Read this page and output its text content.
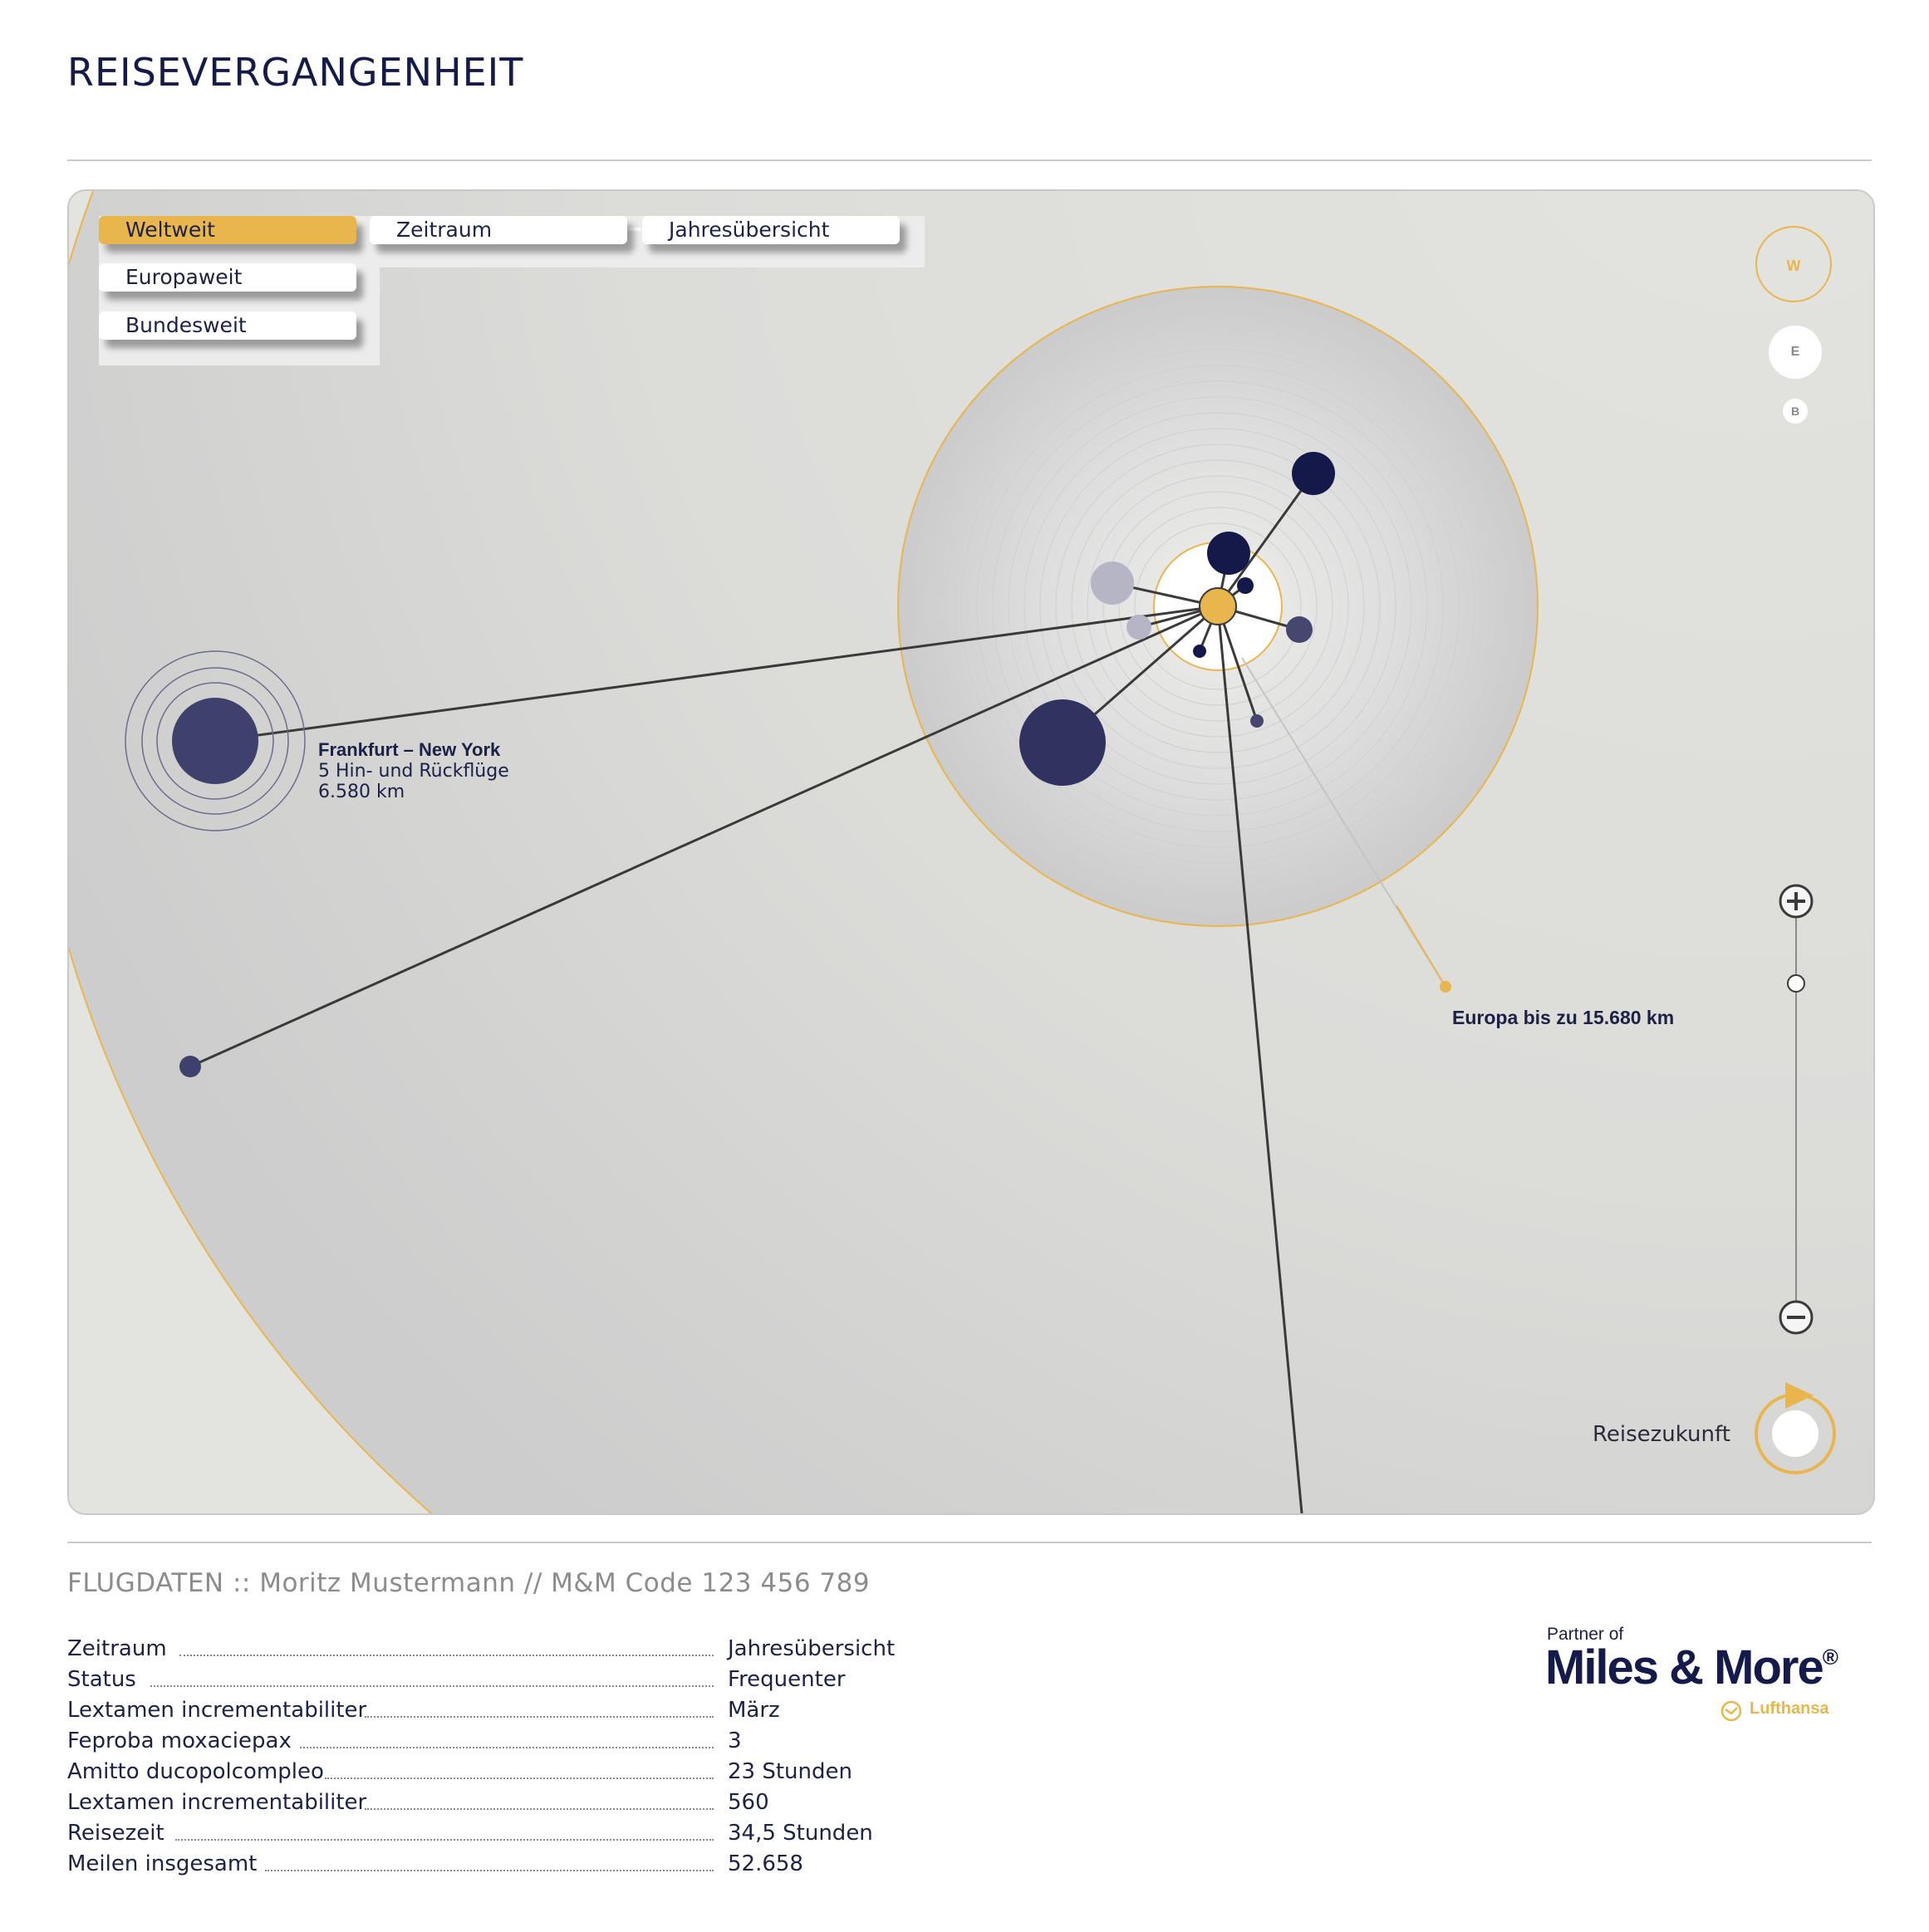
REISEVERGANGENHEIT
Weltweit
Europaweit
Bundesweit
Zeitraum	Jahresübersicht
W
E
B
Frankfurt – New York
5 Hin- und Rückflüge
6.580 km
Europa bis zu 15.680 km
Reisezukunft
FLUGDATEN :: Moritz Mustermann // M&M Code 123 456 789
Zeitraum	Jahresübersicht
Status	Frequenter
Lextamen incrementabiliter	März
Feproba moxaciepax	3
Amitto ducopolcompleo	23 Stunden
Lextamen incrementabiliter	560
Reisezeit	34,5 Stunden
Meilen insgesamt	52.658
Partner of
Miles & More®
Lufthansa
